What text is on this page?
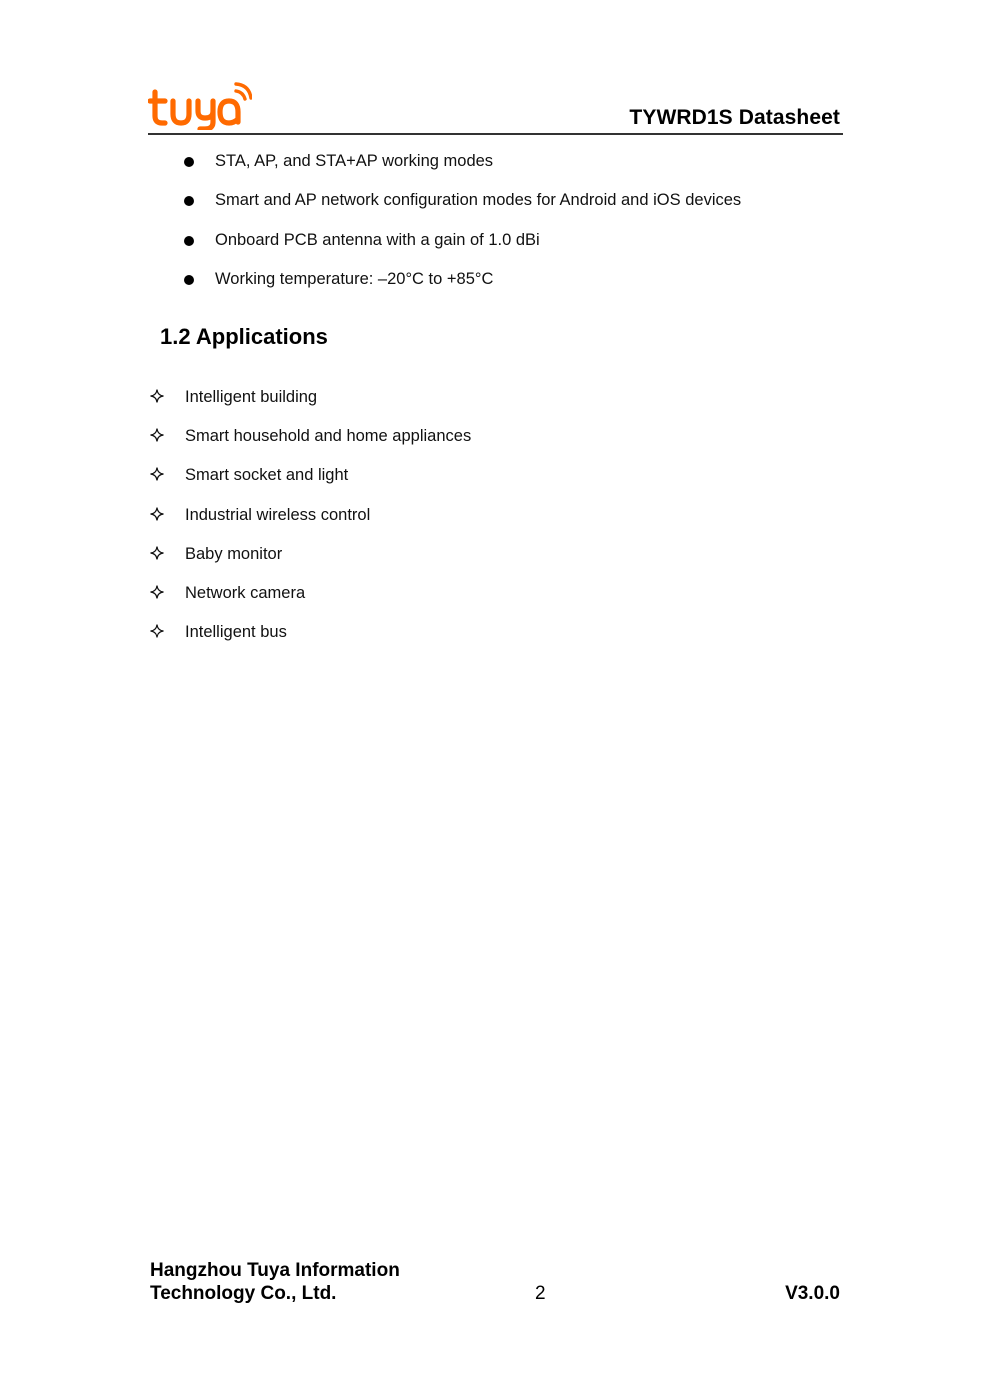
TYWRD1S Datasheet
STA, AP, and STA+AP working modes
Smart and AP network configuration modes for Android and iOS devices
Onboard PCB antenna with a gain of 1.0 dBi
Working temperature: –20°C to +85°C
1.2 Applications
Intelligent building
Smart household and home appliances
Smart socket and light
Industrial wireless control
Baby monitor
Network camera
Intelligent bus
Hangzhou Tuya Information
Technology Co., Ltd.	2	V3.0.0
